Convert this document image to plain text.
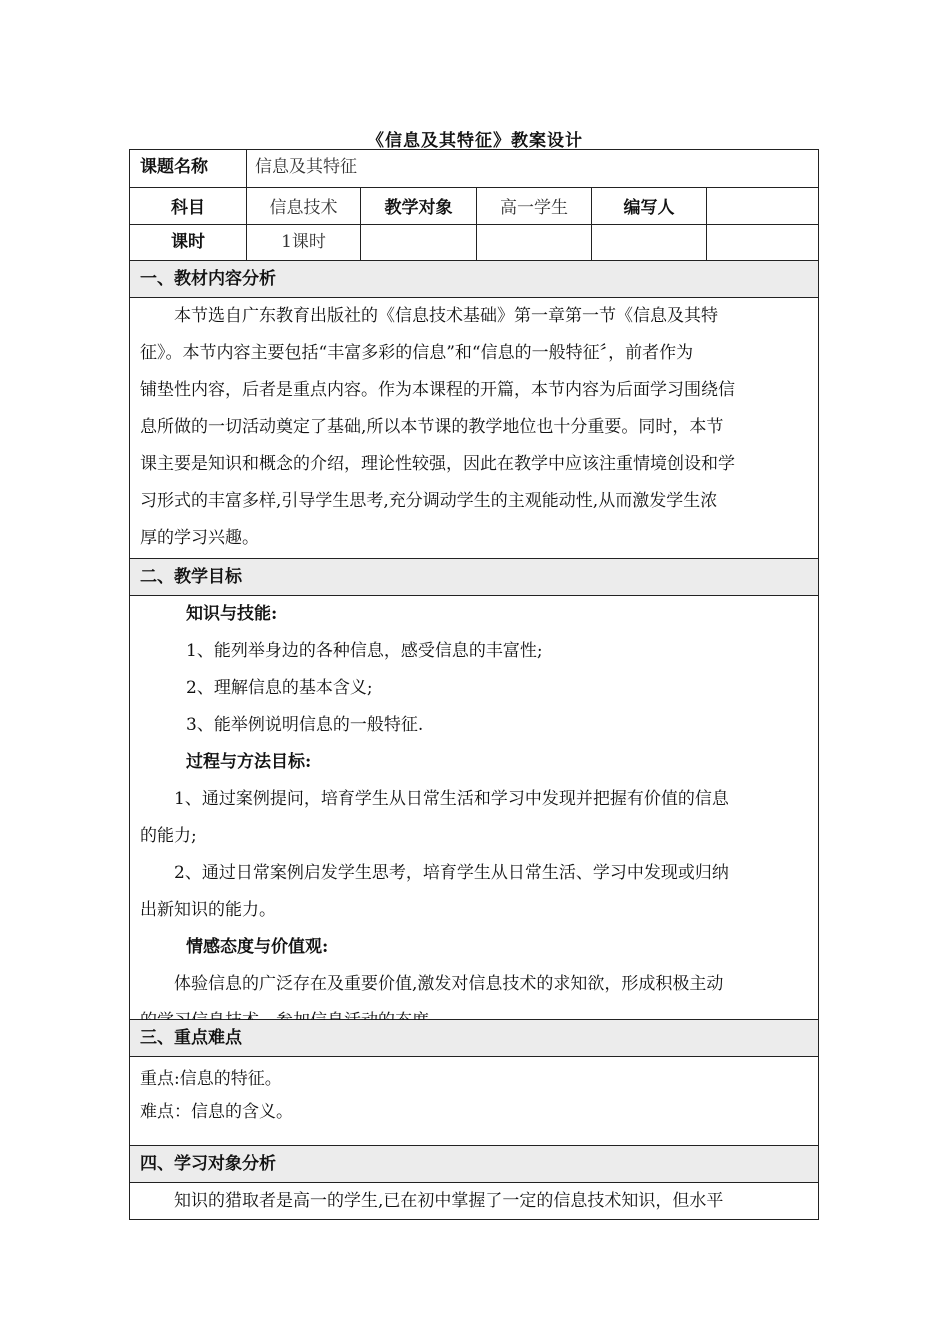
《信息及其特征》教案设计
课题名称	信息及其特征
科目	信息技术	教学对象	高一学生	编写人
课时	1课时
一、教材内容分析
本节选自广东教育出版社的《信息技术基础》第一章第一节《信息及其特
征》。本节内容主要包括“丰富多彩的信息”和“信息的一般特征〞，前者作为
铺垫性内容，后者是重点内容。作为本课程的开篇，本节内容为后面学习围绕信
息所做的一切活动奠定了基础,所以本节课的教学地位也十分重要。同时，本节
课主要是知识和概念的介绍，理论性较强，因此在教学中应该注重情境创设和学
习形式的丰富多样,引导学生思考,充分调动学生的主观能动性,从而激发学生浓
厚的学习兴趣。
二、教学目标
知识与技能:
1、能列举身边的各种信息，感受信息的丰富性;
2、理解信息的基本含义;
3、能举例说明信息的一般特征.
过程与方法目标:
1、通过案例提问，培育学生从日常生活和学习中发现并把握有价值的信息
的能力;
2、通过日常案例启发学生思考，培育学生从日常生活、学习中发现或归纳
出新知识的能力。
情感态度与价值观:
体验信息的广泛存在及重要价值,激发对信息技术的求知欲，形成积极主动
三、重点难点
重点:信息的特征。
难点：信息的含义。
四、学习对象分析
知识的猎取者是高一的学生,已在初中掌握了一定的信息技术知识，但水平
